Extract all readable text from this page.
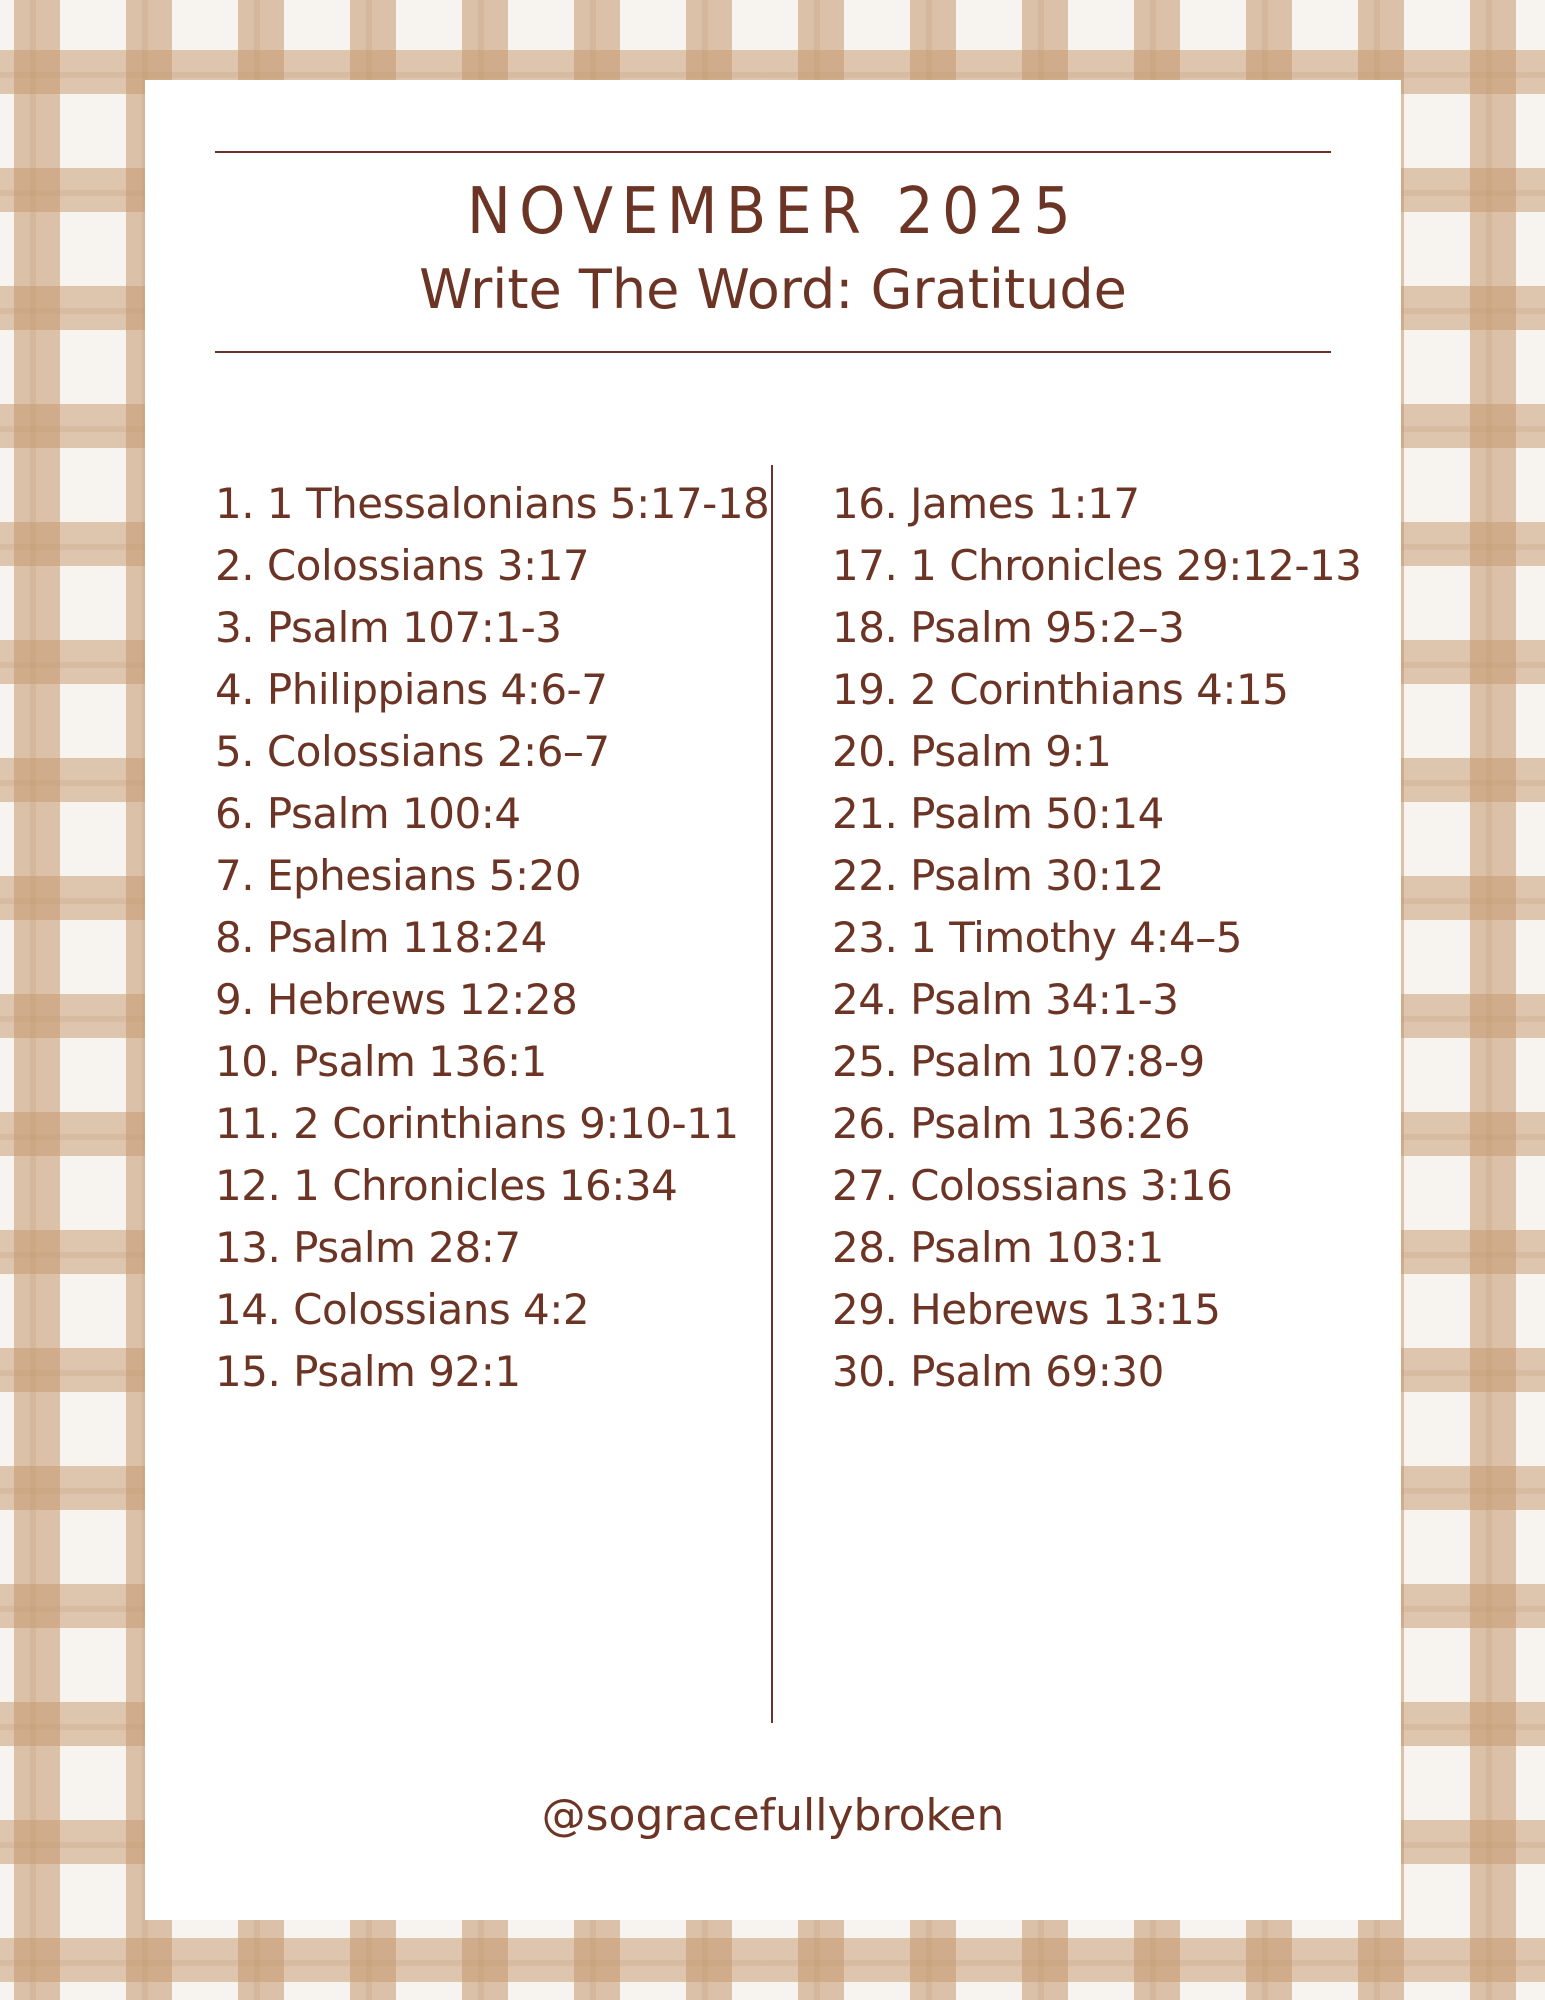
NOVEMBER 2025
Write The Word: Gratitude
1. 1 Thessalonians 5:17-18
2. Colossians 3:17
3. Psalm 107:1-3
4. Philippians 4:6-7
5. Colossians 2:6–7
6. Psalm 100:4
7. Ephesians 5:20
8. Psalm 118:24
9. Hebrews 12:28
10. Psalm 136:1
11. 2 Corinthians 9:10-11
12. 1 Chronicles 16:34
13. Psalm 28:7
14. Colossians 4:2
15. Psalm 92:1
16. James 1:17
17. 1 Chronicles 29:12-13
18. Psalm 95:2–3
19. 2 Corinthians 4:15
20. Psalm 9:1
21. Psalm 50:14
22. Psalm 30:12
23. 1 Timothy 4:4–5
24. Psalm 34:1-3
25. Psalm 107:8-9
26. Psalm 136:26
27. Colossians 3:16
28. Psalm 103:1
29. Hebrews 13:15
30. Psalm 69:30
@sogracefullybroken
